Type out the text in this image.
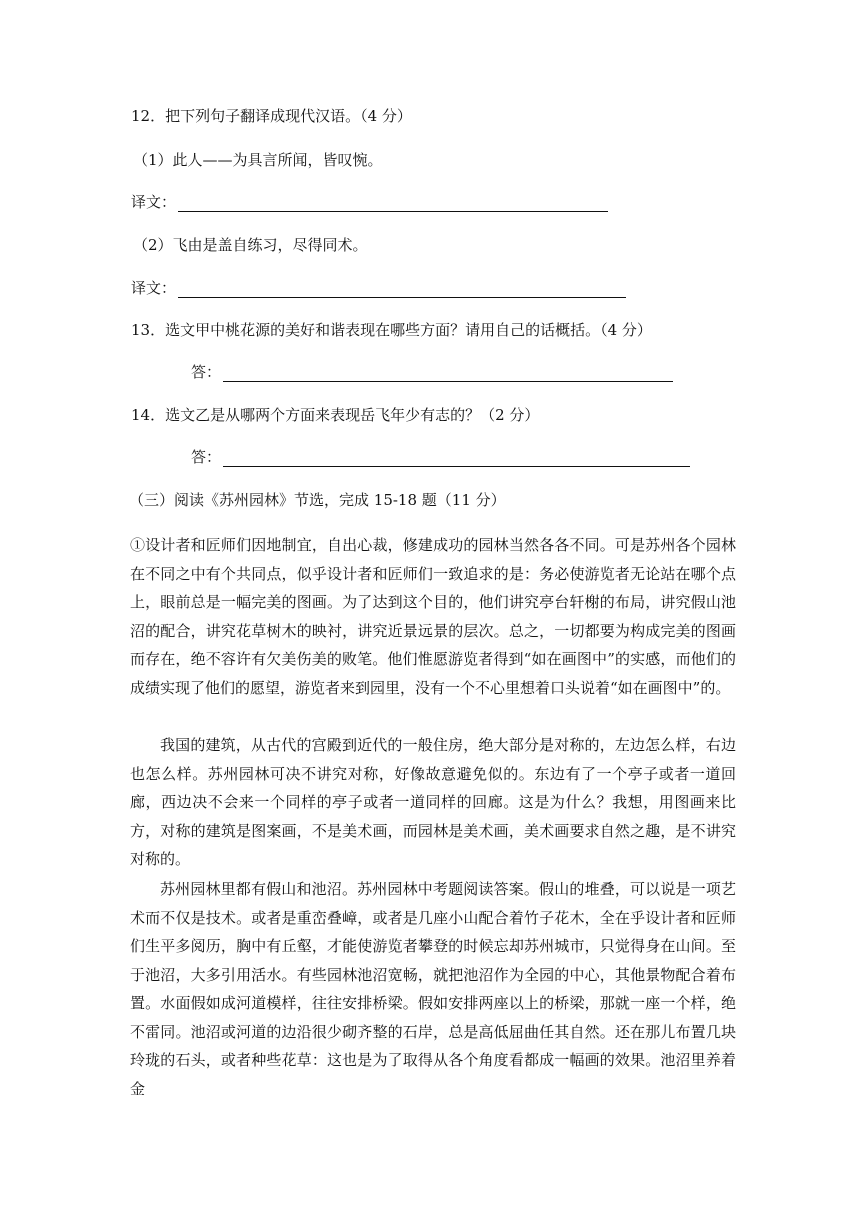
12．把下列句子翻译成现代汉语。（4 分）
（1）此人——为具言所闻，皆叹惋。
译文：
（2）飞由是盖自练习，尽得同术。
译文：
13．选文甲中桃花源的美好和谐表现在哪些方面？请用自己的话概括。（4 分）
答：
14．选文乙是从哪两个方面来表现岳飞年少有志的？（2 分）
答：
（三）阅读《苏州园林》节选，完成 15-18 题（11 分）
①设计者和匠师们因地制宜，自出心裁，修建成功的园林当然各各不同。可是苏州各个园林在不同之中有个共同点，似乎设计者和匠师们一致追求的是：务必使游览者无论站在哪个点上，眼前总是一幅完美的图画。为了达到这个目的，他们讲究亭台轩榭的布局，讲究假山池沼的配合，讲究花草树木的映衬，讲究近景远景的层次。总之，一切都要为构成完美的图画而存在，绝不容许有欠美伤美的败笔。他们惟愿游览者得到“如在画图中”的实感，而他们的成绩实现了他们的愿望，游览者来到园里，没有一个不心里想着口头说着“如在画图中”的。
我国的建筑，从古代的宫殿到近代的一般住房，绝大部分是对称的，左边怎么样，右边也怎么样。苏州园林可决不讲究对称，好像故意避免似的。东边有了一个亭子或者一道回廊，西边决不会来一个同样的亭子或者一道同样的回廊。这是为什么？我想，用图画来比方，对称的建筑是图案画，不是美术画，而园林是美术画，美术画要求自然之趣，是不讲究对称的。
苏州园林里都有假山和池沼。苏州园林中考题阅读答案。假山的堆叠，可以说是一项艺术而不仅是技术。或者是重峦叠嶂，或者是几座小山配合着竹子花木，全在乎设计者和匠师们生平多阅历，胸中有丘壑，才能使游览者攀登的时候忘却苏州城市，只觉得身在山间。至于池沼，大多引用活水。有些园林池沼宽畅，就把池沼作为全园的中心，其他景物配合着布置。水面假如成河道模样，往往安排桥梁。假如安排两座以上的桥梁，那就一座一个样，绝不雷同。池沼或河道的边沿很少砌齐整的石岸，总是高低屈曲任其自然。还在那儿布置几块玲珑的石头，或者种些花草：这也是为了取得从各个角度看都成一幅画的效果。池沼里养着金
